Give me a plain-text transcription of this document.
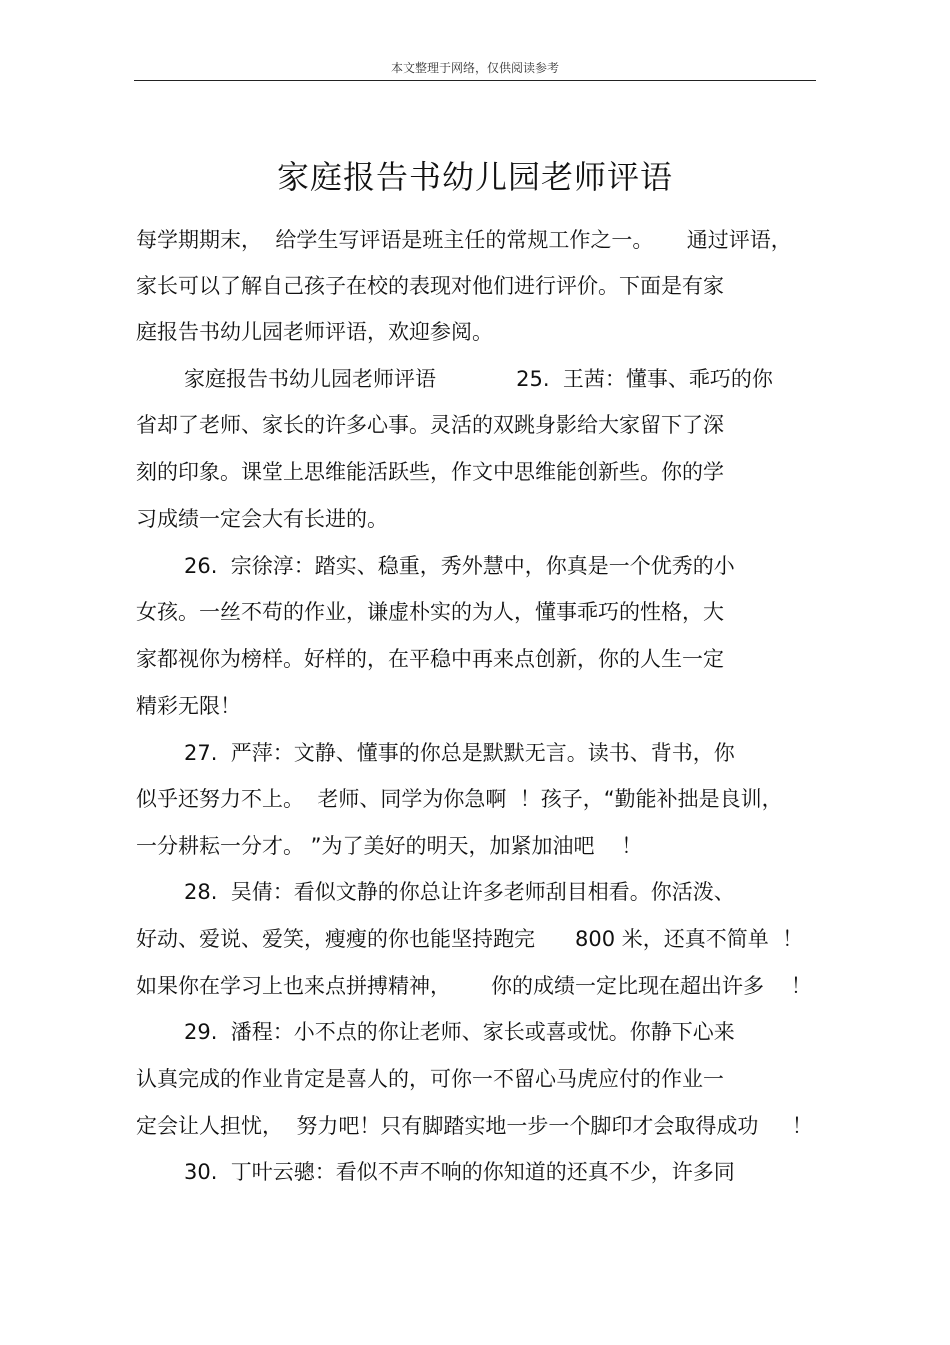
本文整理于网络，仅供阅读参考
家庭报告书幼儿园老师评语
每学期期末，  给学生写评语是班主任的常规工作之一。     通过评语，
家长可以了解自己孩子在校的表现对他们进行评价。下面是有家
庭报告书幼儿园老师评语，欢迎参阅。
家庭报告书幼儿园老师评语            25.  王茜：懂事、乖巧的你
省却了老师、家长的许多心事。灵活的双跳身影给大家留下了深
刻的印象。课堂上思维能活跃些，作文中思维能创新些。你的学
习成绩一定会大有长进的。
26.  宗徐淳：踏实、稳重，秀外慧中，你真是一个优秀的小
女孩。一丝不苟的作业，谦虚朴实的为人，懂事乖巧的性格，大
家都视你为榜样。好样的，在平稳中再来点创新，你的人生一定
精彩无限！
27.  严萍：文静、懂事的你总是默默无言。读书、背书，你
似乎还努力不上。  老师、同学为你急啊  ！孩子，“勤能补拙是良训，
一分耕耘一分才。 ”为了美好的明天，加紧加油吧    ！
28.  吴倩：看似文静的你总让许多老师刮目相看。你活泼、
好动、爱说、爱笑，瘦瘦的你也能坚持跑完      800 米，还真不简单  ！
如果你在学习上也来点拼搏精神，      你的成绩一定比现在超出许多    ！
29.  潘程：小不点的你让老师、家长或喜或忧。你静下心来
认真完成的作业肯定是喜人的，可你一不留心马虎应付的作业一
定会让人担忧，  努力吧！只有脚踏实地一步一个脚印才会取得成功     ！
30.  丁叶云骢：看似不声不响的你知道的还真不少，许多同
